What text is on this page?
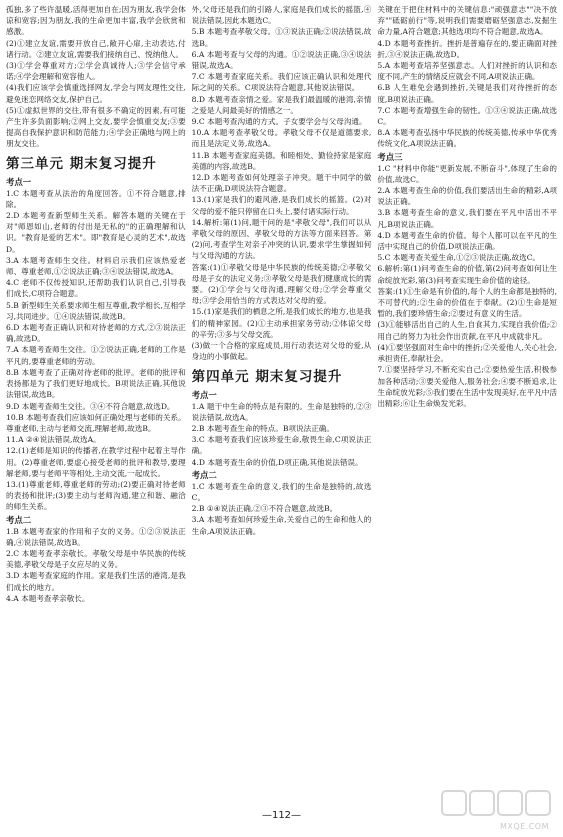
孤独,多了些许温暖,活得更加自在;因为朋友,我学会体谅和宽容;因为朋友,我的生命更加丰富,我学会欣赏和感激。

(2)①建立友谊,需要开放自己,敞开心扉,主动表达,付诸行动。②建立友谊,需要我们接纳自己、悦纳他人。

(3)①学会尊重对方;②学会真诚待人;③学会信守承诺;④学会理解和宽容他人。

(4)我们应该学会慎重选择网友,学会与网友理性交往,避免迷恋网络交友,保护自己。

(5)①虚拟世界的交往,带有很多不确定的因素,有可能产生许多负面影响;②网上交友,要学会慎重交友;③要提高自我保护意识和防范能力;④学会正确地与网上的朋友交往。

第三单元 期末复习提升
考点一

1.C 本题考查从法治的角度回答。①不符合题意,排除。

2.D 本题考查新型师生关系。解答本题的关键在于对"师恩如山,老师的付出是无私的"的正确理解和认识。"教育是爱的艺术"。即"教育是心灵的艺术",故选D。

3.A 本题考查师生交往。材料启示我们应该热爱老师、尊重老师,①②说法正确;③④说法错误,故选A。

4.C 老师不仅传授知识,还帮助我们认识自己,引导我们成长,C项符合题意。

5.B 新型师生关系要求师生相互尊重,教学相长,互相学习,共同进步。①④说法错误,故选B。

6.D 本题考查正确认识和对待老师的方式,②③说法正确,故选D。

7.A 本题考查师生交往。①②说法正确,老师的工作是平凡的,要尊重老师的劳动。

8.B 本题考查了正确对待老师的批评。老师的批评和表扬都是为了我们更好地成长。B项说法正确,其他说法错误,故选B。

9.D 本题考查师生交往。③④不符合题意,故选D。

10.B 本题考查我们应该如何正确处理与老师的关系。尊重老师,主动与老师交流,理解老师,故选B。

11.A ②④说法错误,故选A。

12.(1)老师是知识的传播者,在教学过程中起着主导作用。(2)尊重老师,要虚心接受老师的批评和教导,要理解老师,要与老师平等相处,主动交流,一起成长。

13.(1)尊重老师,尊重老师的劳动;(2)要正确对待老师的表扬和批评;(3)要主动与老师沟通,建立和谐、融洽的师生关系。

考点二

1.B 本题考查家的作用和子女的义务。①②③说法正确,④说法错误,故选B。

2.C 本题考查孝亲敬长。孝敬父母是中华民族的传统美德,孝敬父母是子女应尽的义务。

3.D 本题考查家庭的作用。家是我们生活的港湾,是我们成长的地方。

4.A 本题考查孝亲敬长。

外,父母还是我们的引路人,家庭是我们成长的摇篮,④说法错误,因此本题选C。

5.B 本题考查孝敬父母。①③说法正确;②说法错误,故选B。

6.A 本题考查与父母的沟通。①②说法正确,③④说法错误,故选A。

7.C 本题考查家庭关系。我们应该正确认识和处理代际之间的关系。C项说法符合题意,其他说法错误。

8.D 本题考查亲情之爱。家是我们最温暖的港湾,亲情之爱是人间最美好的情感之一。

9.C 本题考查沟通的方式。子女要学会与父母沟通。

10.A 本题考查孝敬父母。孝敬父母不仅是道德要求,而且是法定义务,故选A。

11.B 本题考查家庭美德。和睦相处、勤俭持家是家庭美德的内容,故选B。

12.D 本题考查如何处理亲子冲突。题干中同学的做法不正确,D项说法符合题意。

13.(1)家是我们的避风港,是我们成长的摇篮。(2)对父母的爱不能只停留在口头上,要付诸实际行动。

14.解析:第(1)问,题干问的是"孝敬父母",我们可以从孝敬父母的原因、孝敬父母的方法等方面来回答。第(2)问,考查学生对亲子冲突的认识,要求学生掌握如何与父母沟通的方法。

答案:(1)①孝敬父母是中华民族的传统美德;②孝敬父母是子女的法定义务;③孝敬父母是我们健康成长的需要。(2)①学会与父母沟通,理解父母;②学会尊重父母;③学会用恰当的方式表达对父母的爱。

15.(1)家是我们的栖息之所,是我们成长的地方,也是我们的精神家园。(2)①主动承担家务劳动;②体谅父母的辛劳;③多与父母交流。

(3)做一个合格的家庭成员,用行动表达对父母的爱,从身边的小事做起。

第四单元 期末复习提升
考点一

1.A 题干中生命的特点是有限的。生命是独特的,②③说法错误,故选A。

2.B 本题考查生命的特点。B项说法正确。

3.C 本题考查我们应该珍爱生命,敬畏生命,C项说法正确。

4.D 本题考查生命的价值,D项正确,其他说法错误。

考点二

1.C 本题考查生命的意义,我们的生命是独特的,故选C。

2.B ①④说法正确,②③不符合题意,故选B。

3.A 本题考查如何珍爱生命,关爱自己的生命和他人的生命,A项说法正确。

关键在于把住材料中的关键信息:"顽强意志""决不放弃""砥砺前行"等,说明我们需要磨砺坚强意志,发掘生命力量,A符合题意;其他选项均不符合题意,故选A。

4.D 本题考查挫折。挫折是普遍存在的,要正确面对挫折,③④说法正确,故选D。

5.A 本题考查培养坚强意志。人们对挫折的认识和态度不同,产生的情绪反应就会不同,A项说法正确。

6.B 人生难免会遇到挫折,关键是我们对待挫折的态度,B项说法正确。

7.C 本题考查增强生命的韧性。①③④说法正确,故选C。

8.A 本题考查弘扬中华民族的传统美德,传承中华优秀传统文化,A项说法正确。

考点三

1.C "材料中你能"更新发展,不断奋斗",体现了生命的价值,故选C。

2.A 本题考查生命的价值,我们要活出生命的精彩,A项说法正确。

3.B 本题考查生命的意义,我们要在平凡中活出不平凡,B项说法正确。

4.D 本题考查生命的价值。每个人都可以在平凡的生活中实现自己的价值,D项说法正确。

5.C 本题考查关爱生命,①②③说法正确,故选C。

6.解析:第(1)问考查生命的价值,第(2)问考查如何让生命绽放光彩,第(3)问考查实现生命价值的途径。

答案:(1)①生命是有价值的,每个人的生命都是独特的,不可替代的;②生命的价值在于奉献。(2)①生命是短暂的,我们要珍惜生命;②要过有意义的生活。

(3)①能够活出自己的人生,自食其力,实现自我价值;②用自己的努力为社会作出贡献,在平凡中成就非凡。

(4)①要坚强面对生命中的挫折;②关爱他人,关心社会,承担责任,奉献社会。

7.①要坚持学习,不断充实自己;②要热爱生活,积极参加各种活动;③要关爱他人,服务社会;④要不断追求,让生命绽放光彩;⑤我们要在生活中发现美好,在平凡中活出精彩;⑥让生命焕发光彩。

—112—
MXQE.COM
